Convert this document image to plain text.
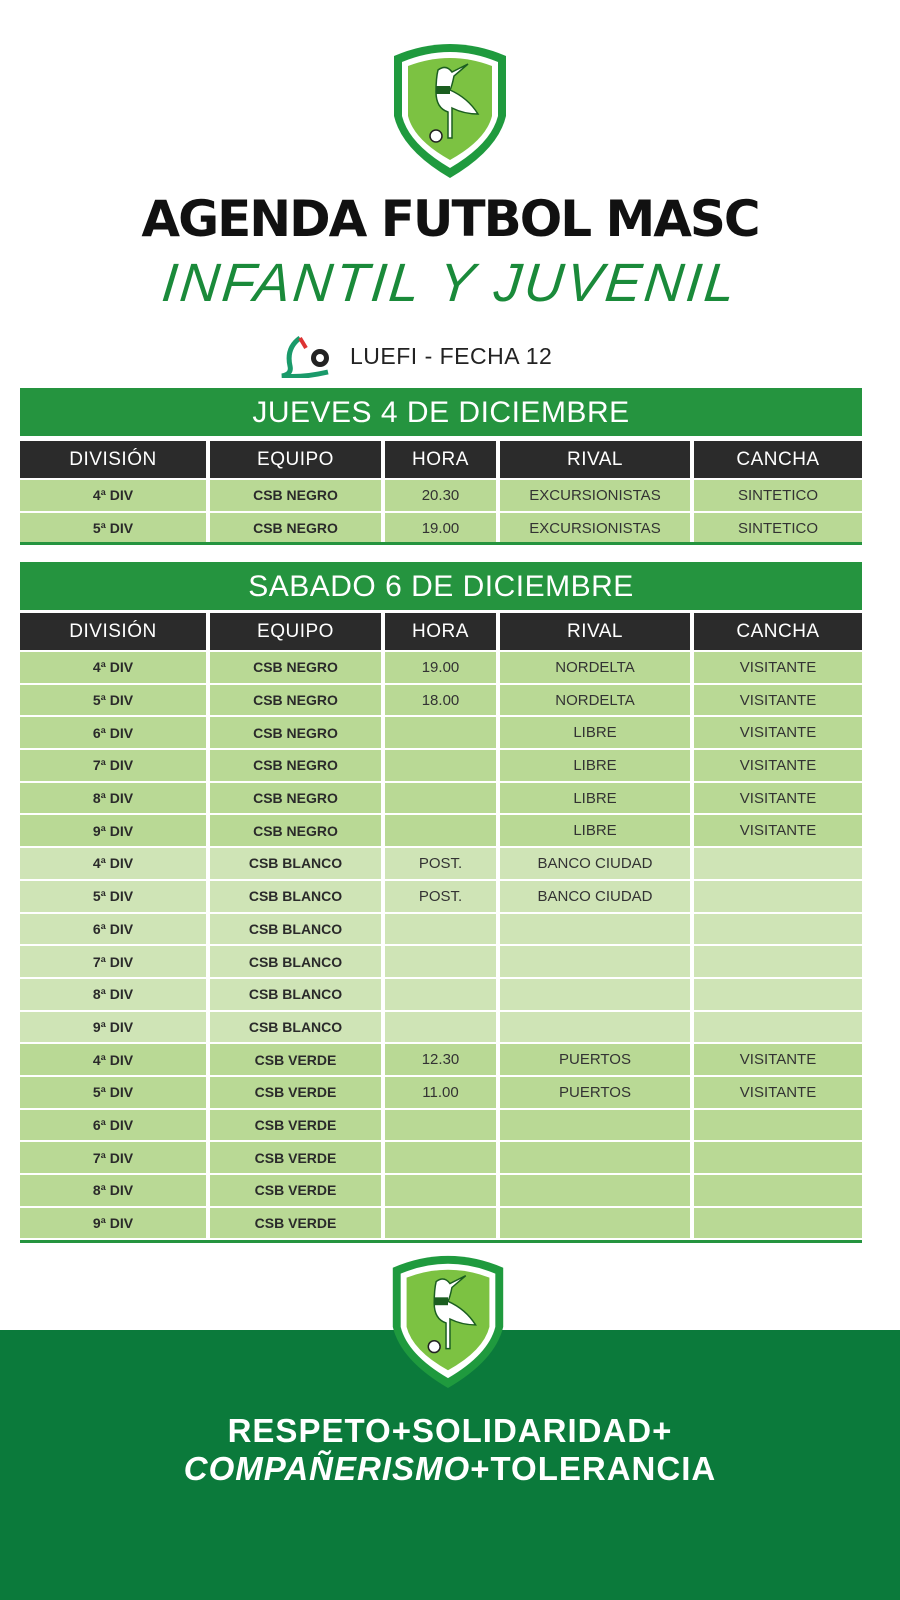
AGENDA FUTBOL MASC
INFANTIL Y JUVENIL
LUEFI - FECHA 12
JUEVES 4 DE DICIEMBRE
DIVISIÓN	EQUIPO	HORA	RIVAL	CANCHA
4ª DIV	CSB NEGRO	20.30	EXCURSIONISTAS	SINTETICO
5ª DIV	CSB NEGRO	19.00	EXCURSIONISTAS	SINTETICO
SABADO 6 DE DICIEMBRE
DIVISIÓN	EQUIPO	HORA	RIVAL	CANCHA
4ª DIV	CSB NEGRO	19.00	NORDELTA	VISITANTE
5ª DIV	CSB NEGRO	18.00	NORDELTA	VISITANTE
6ª DIV	CSB NEGRO		LIBRE	VISITANTE
7ª DIV	CSB NEGRO		LIBRE	VISITANTE
8ª DIV	CSB NEGRO		LIBRE	VISITANTE
9ª DIV	CSB NEGRO		LIBRE	VISITANTE
4ª DIV	CSB BLANCO	POST.	BANCO CIUDAD	
5ª DIV	CSB BLANCO	POST.	BANCO CIUDAD	
6ª DIV	CSB BLANCO			
7ª DIV	CSB BLANCO			
8ª DIV	CSB BLANCO			
9ª DIV	CSB BLANCO			
4ª DIV	CSB VERDE	12.30	PUERTOS	VISITANTE
5ª DIV	CSB VERDE	11.00	PUERTOS	VISITANTE
6ª DIV	CSB VERDE			
7ª DIV	CSB VERDE			
8ª DIV	CSB VERDE			
9ª DIV	CSB VERDE			
RESPETO+SOLIDARIDAD+
COMPAÑERISMO+TOLERANCIA
